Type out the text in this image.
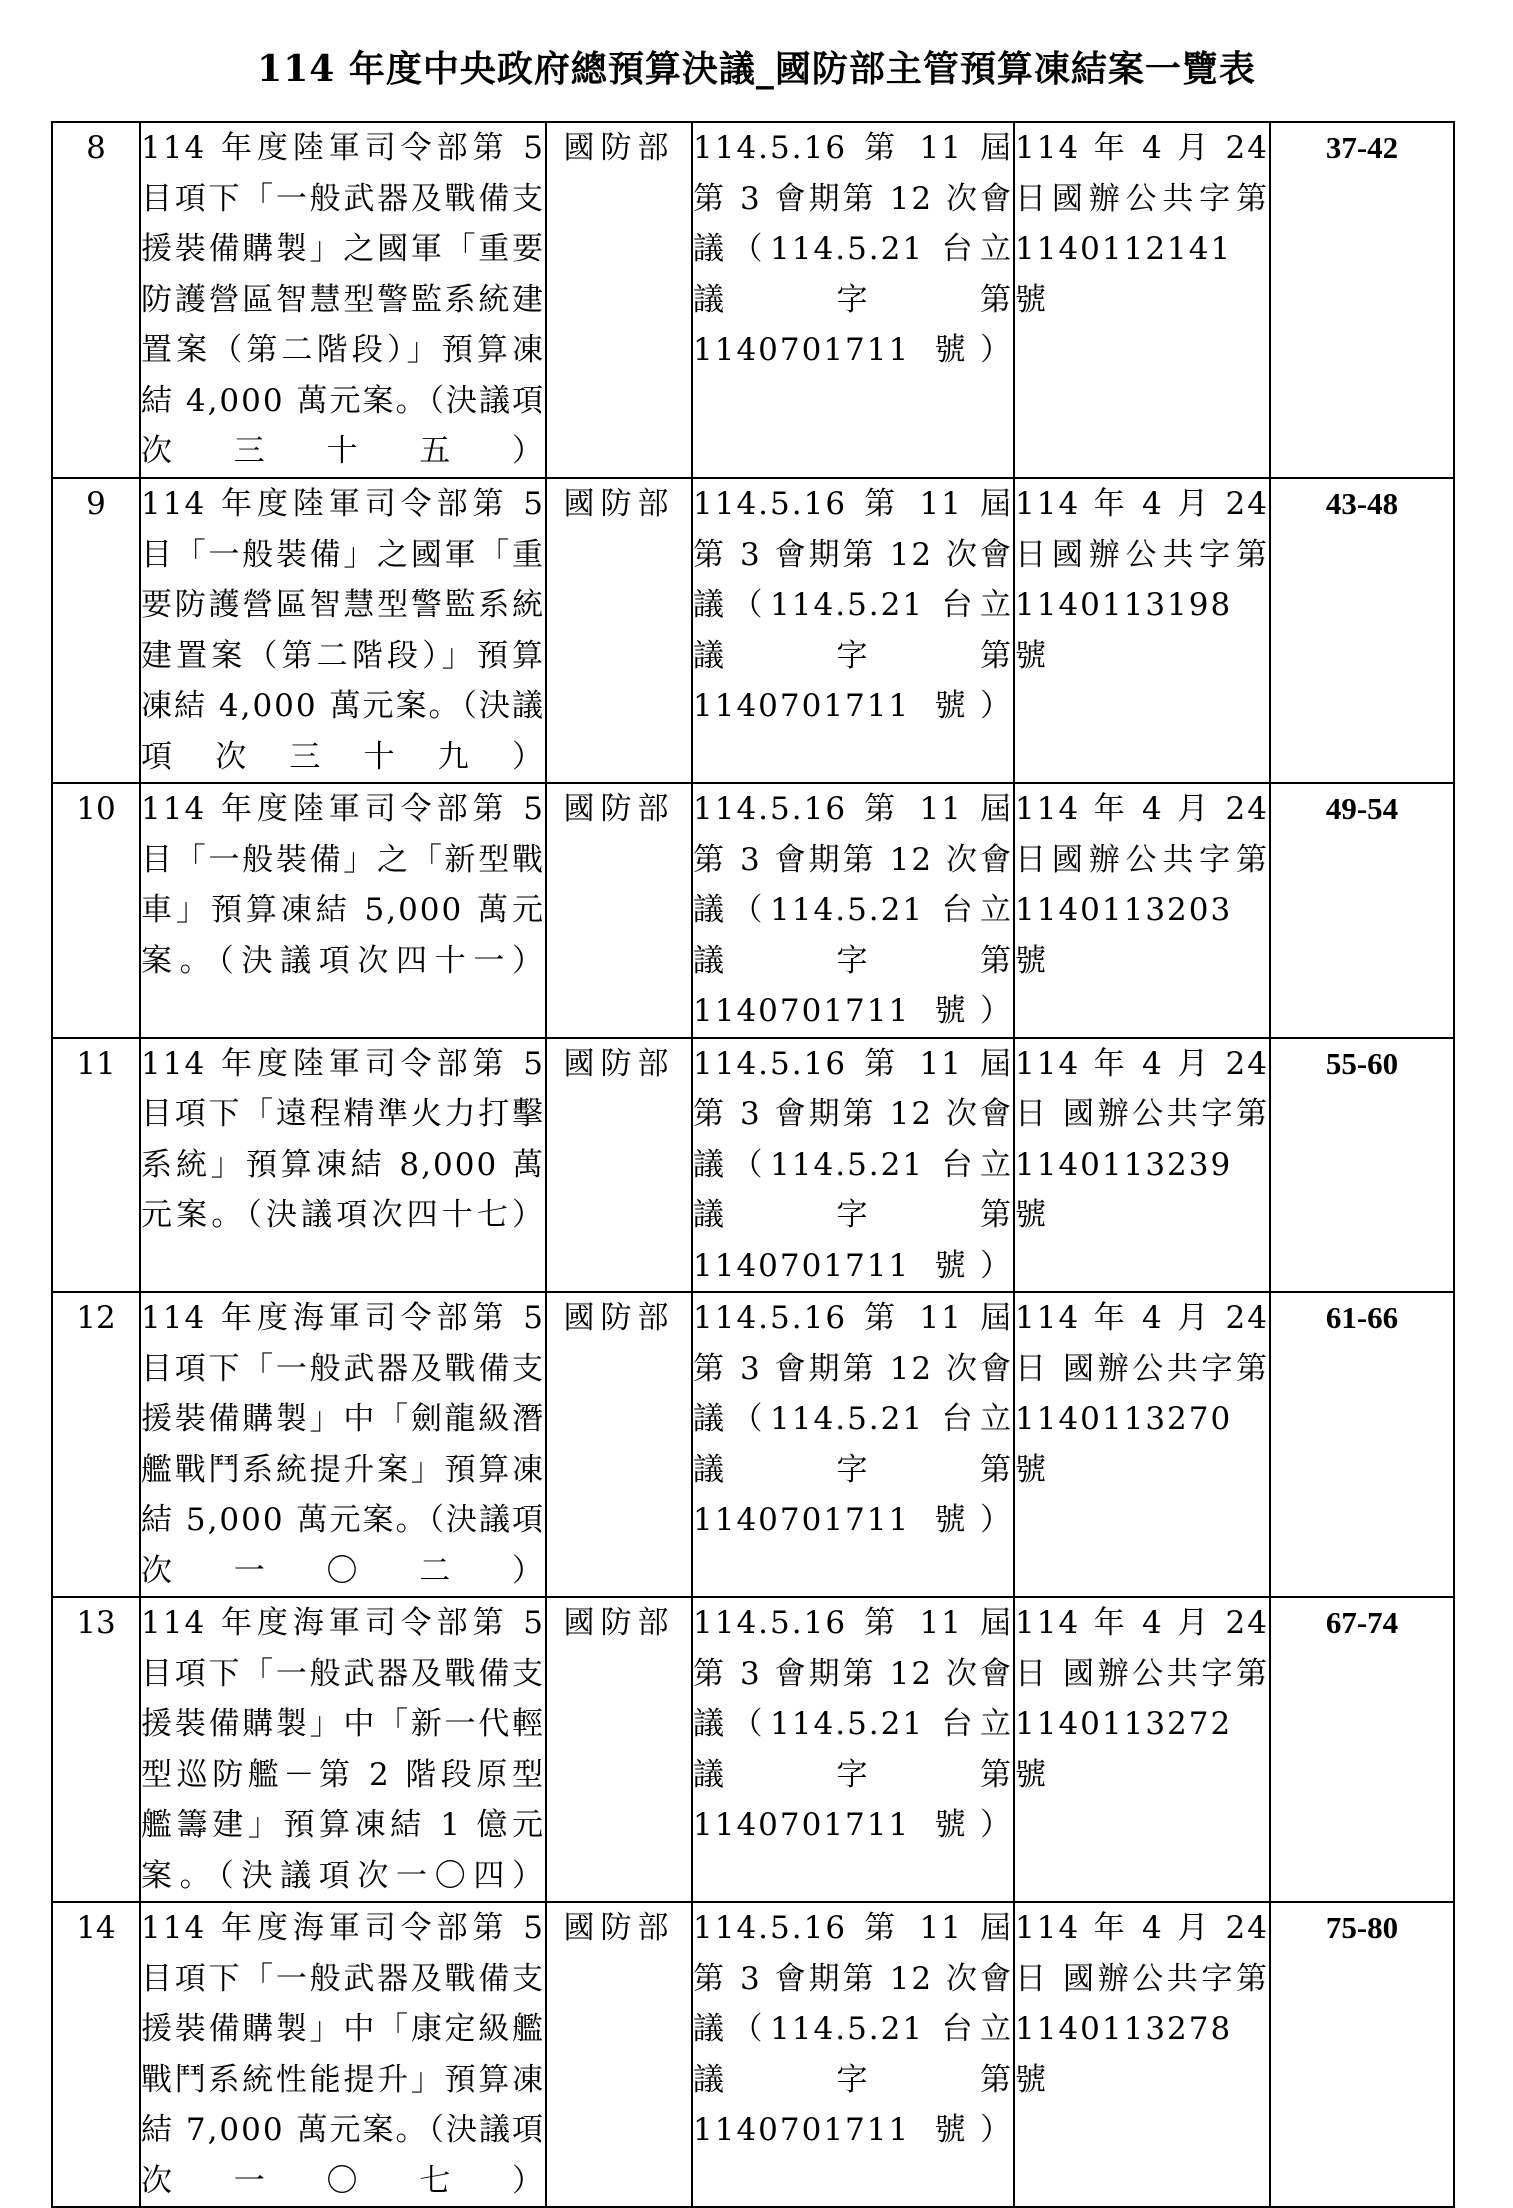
114 年度中央政府總預算決議_國防部主管預算凍結案一覽表
8	114 年度陸軍司令部第 5 目項下「一般武器及戰備支援裝備購製」之國軍「重要防護營區智慧型警監系統建置案（第二階段）」預算凍結 4,000 萬元案。（決議項次三十五）	國防部	114.5.16 第 11 屆第 3 會期第 12 次會議（114.5.21 台立議字第 1140701711 號）	114 年 4 月 24 日國辦公共字第 1140112141 號	37-42
9	114 年度陸軍司令部第 5 目「一般裝備」之國軍「重要防護營區智慧型警監系統建置案（第二階段）」預算凍結 4,000 萬元案。（決議項次三十九）	國防部	114.5.16 第 11 屆第 3 會期第 12 次會議（114.5.21 台立議字第 1140701711 號）	114 年 4 月 24 日國辦公共字第 1140113198 號	43-48
10	114 年度陸軍司令部第 5 目「一般裝備」之「新型戰車」預算凍結 5,000 萬元案。（決議項次四十一）	國防部	114.5.16 第 11 屆第 3 會期第 12 次會議（114.5.21 台立議字第 1140701711 號）	114 年 4 月 24 日國辦公共字第 1140113203 號	49-54
11	114 年度陸軍司令部第 5 目項下「遠程精準火力打擊系統」預算凍結 8,000 萬元案。（決議項次四十七）	國防部	114.5.16 第 11 屆第 3 會期第 12 次會議（114.5.21 台立議字第 1140701711 號）	114 年 4 月 24 日 國辦公共字第 1140113239 號	55-60
12	114 年度海軍司令部第 5 目項下「一般武器及戰備支援裝備購製」中「劍龍級潛艦戰鬥系統提升案」預算凍結 5,000 萬元案。（決議項次一〇二）	國防部	114.5.16 第 11 屆第 3 會期第 12 次會議（114.5.21 台立議字第 1140701711 號）	114 年 4 月 24 日 國辦公共字第 1140113270 號	61-66
13	114 年度海軍司令部第 5 目項下「一般武器及戰備支援裝備購製」中「新一代輕型巡防艦－第 2 階段原型艦籌建」預算凍結 1 億元案。（決議項次一〇四）	國防部	114.5.16 第 11 屆第 3 會期第 12 次會議（114.5.21 台立議字第 1140701711 號）	114 年 4 月 24 日 國辦公共字第 1140113272 號	67-74
14	114 年度海軍司令部第 5 目項下「一般武器及戰備支援裝備購製」中「康定級艦戰鬥系統性能提升」預算凍結 7,000 萬元案。（決議項次一〇七）	國防部	114.5.16 第 11 屆第 3 會期第 12 次會議（114.5.21 台立議字第 1140701711 號）	114 年 4 月 24 日 國辦公共字第 1140113278 號	75-80
